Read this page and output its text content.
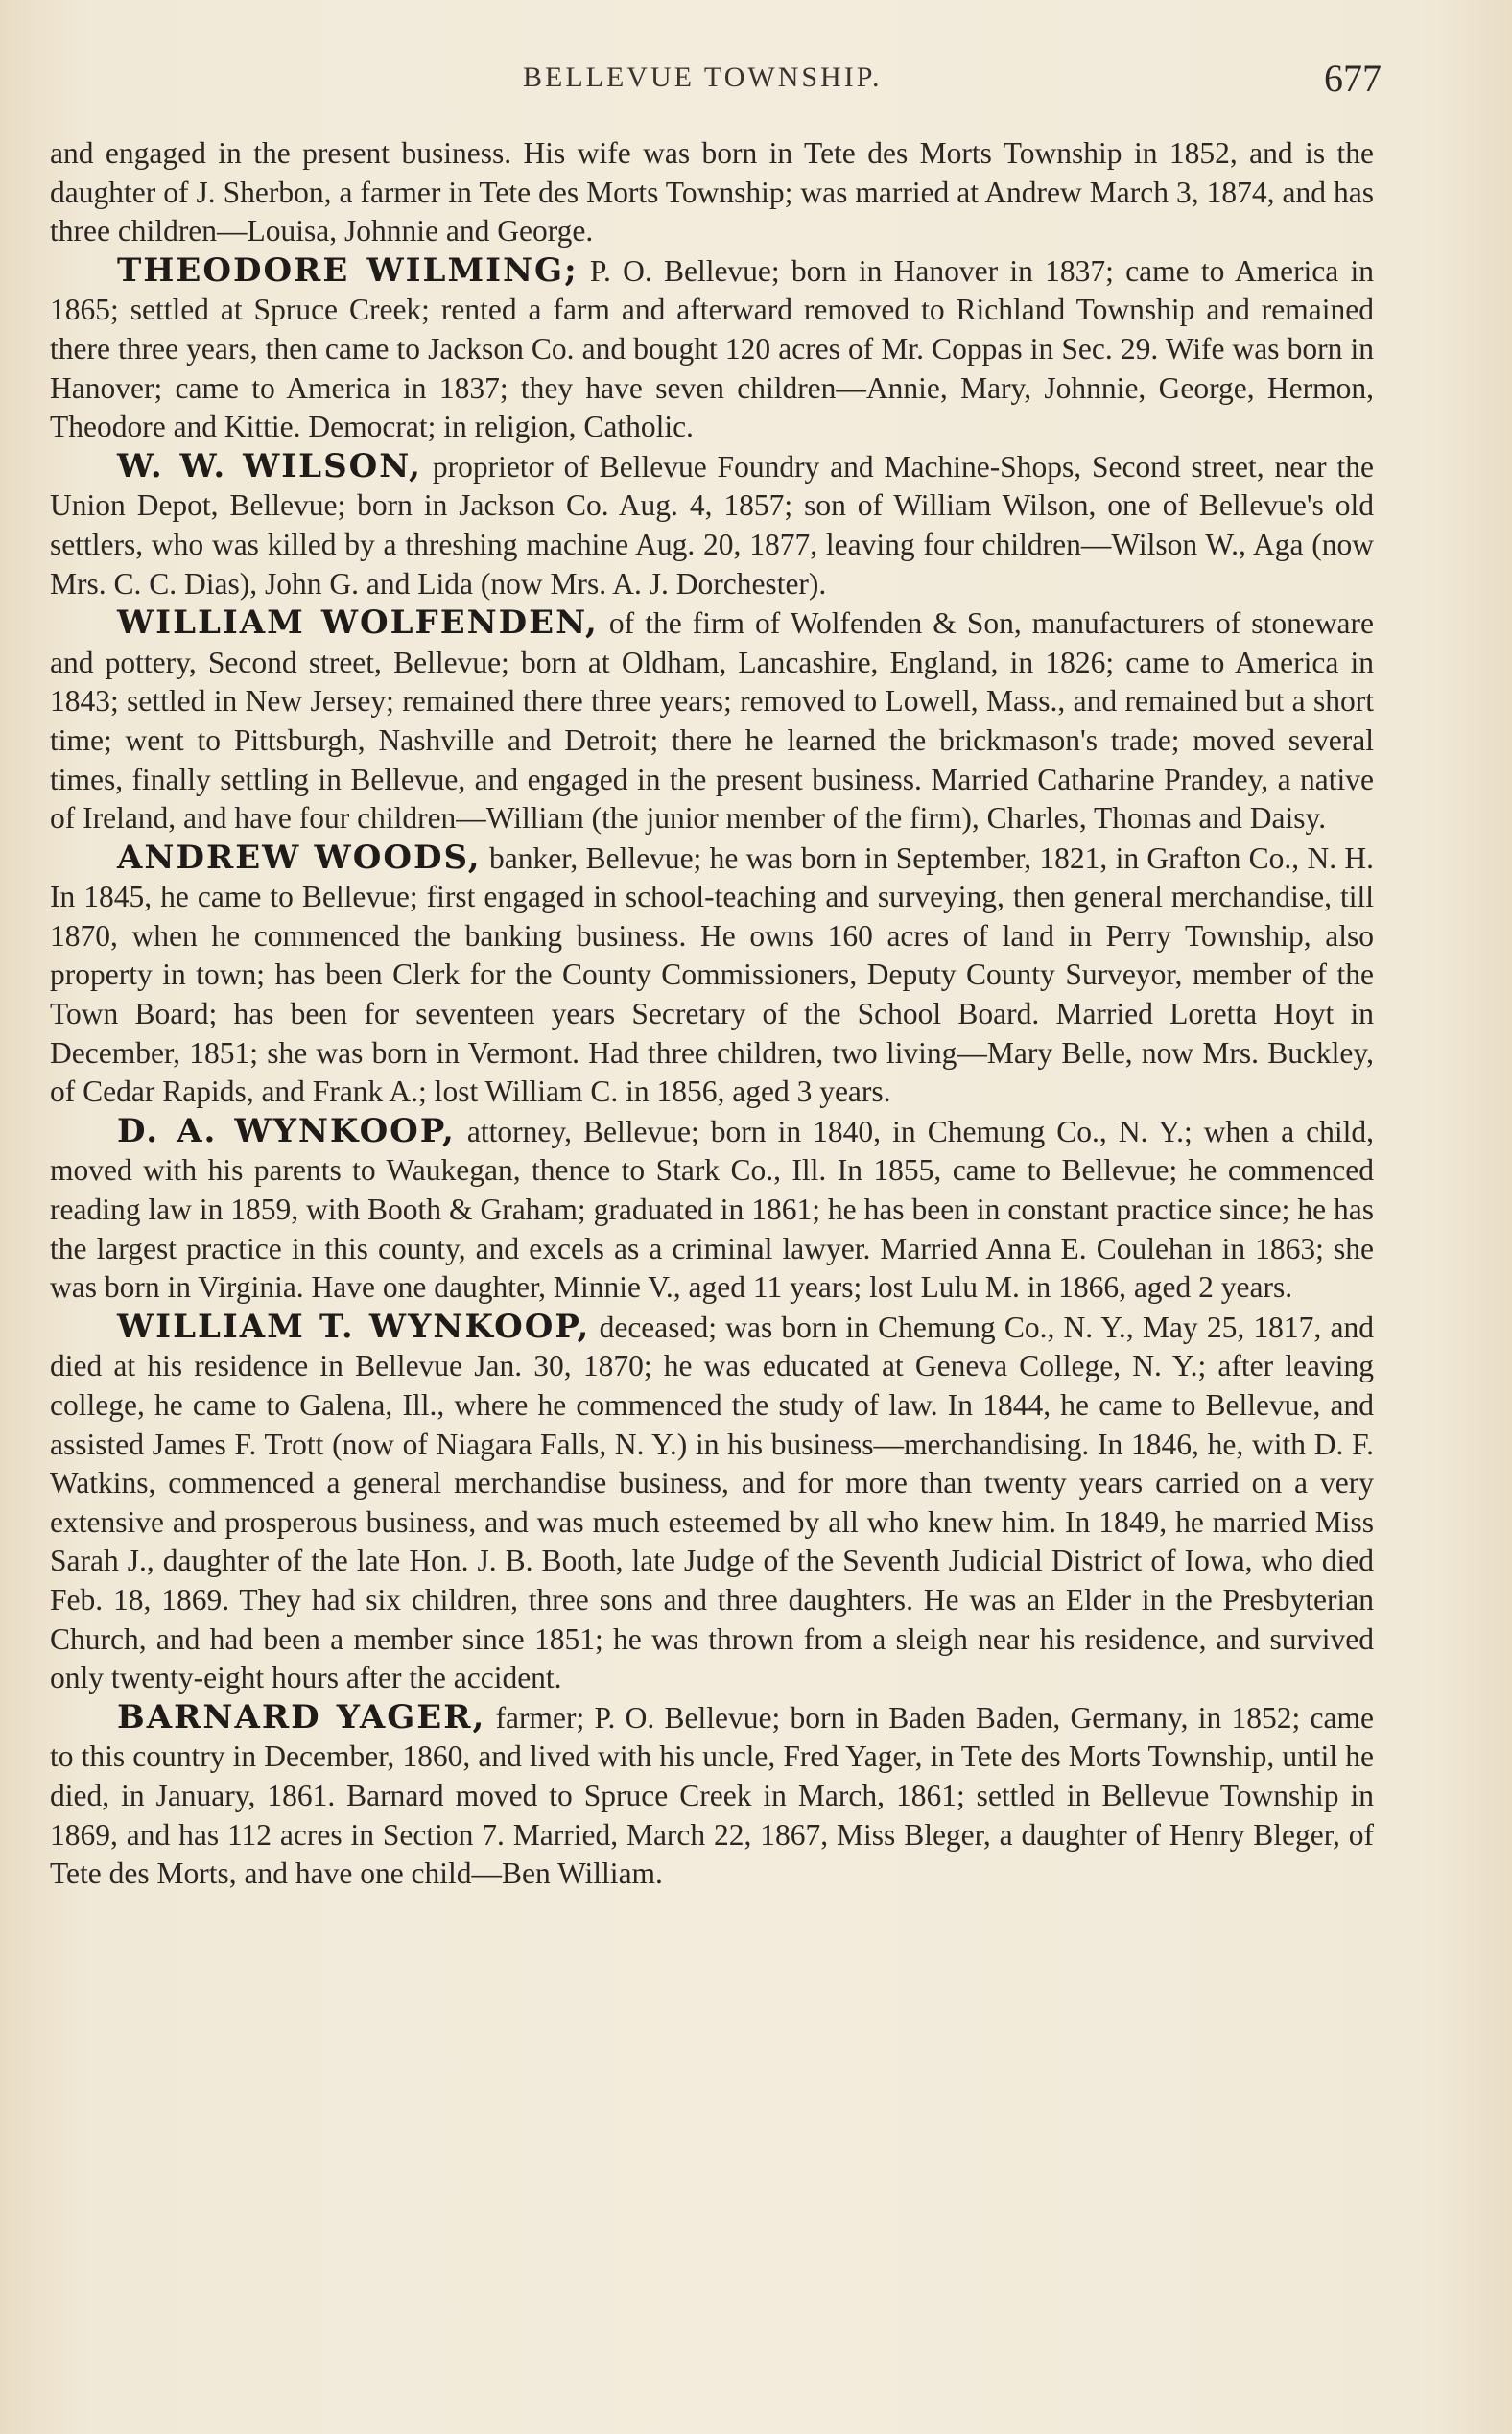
BELLEVUE TOWNSHIP.	677

and engaged in the present business. His wife was born in Tete des Morts Township in 1852, and is the daughter of J. Sherbon, a farmer in Tete des Morts Township; was married at Andrew March 3, 1874, and has three children—Louisa, Johnnie and George.

THEODORE WILMING; P. O. Bellevue; born in Hanover in 1837; came to America in 1865; settled at Spruce Creek; rented a farm and afterward removed to Richland Township and remained there three years, then came to Jackson Co. and bought 120 acres of Mr. Coppas in Sec. 29. Wife was born in Hanover; came to America in 1837; they have seven children—Annie, Mary, Johnnie, George, Hermon, Theodore and Kittie. Democrat; in religion, Catholic.

W. W. WILSON, proprietor of Bellevue Foundry and Machine-Shops, Second street, near the Union Depot, Bellevue; born in Jackson Co. Aug. 4, 1857; son of William Wilson, one of Bellevue's old settlers, who was killed by a threshing machine Aug. 20, 1877, leaving four children—Wilson W., Aga (now Mrs. C. C. Dias), John G. and Lida (now Mrs. A. J. Dorchester).

WILLIAM WOLFENDEN, of the firm of Wolfenden & Son, manufacturers of stoneware and pottery, Second street, Bellevue; born at Oldham, Lancashire, England, in 1826; came to America in 1843; settled in New Jersey; remained there three years; removed to Lowell, Mass., and remained but a short time; went to Pittsburgh, Nashville and Detroit; there he learned the brickmason's trade; moved several times, finally settling in Bellevue, and engaged in the present business. Married Catharine Prandey, a native of Ireland, and have four children—William (the junior member of the firm), Charles, Thomas and Daisy.

ANDREW WOODS, banker, Bellevue; he was born in September, 1821, in Grafton Co., N. H. In 1845, he came to Bellevue; first engaged in school-teaching and surveying, then general merchandise, till 1870, when he commenced the banking business. He owns 160 acres of land in Perry Township, also property in town; has been Clerk for the County Commissioners, Deputy County Surveyor, member of the Town Board; has been for seventeen years Secretary of the School Board. Married Loretta Hoyt in December, 1851; she was born in Vermont. Had three children, two living—Mary Belle, now Mrs. Buckley, of Cedar Rapids, and Frank A.; lost William C. in 1856, aged 3 years.

D. A. WYNKOOP, attorney, Bellevue; born in 1840, in Chemung Co., N. Y.; when a child, moved with his parents to Waukegan, thence to Stark Co., Ill. In 1855, came to Bellevue; he commenced reading law in 1859, with Booth & Graham; graduated in 1861; he has been in constant practice since; he has the largest practice in this county, and excels as a criminal lawyer. Married Anna E. Coulehan in 1863; she was born in Virginia. Have one daughter, Minnie V., aged 11 years; lost Lulu M. in 1866, aged 2 years.

WILLIAM T. WYNKOOP, deceased; was born in Chemung Co., N. Y., May 25, 1817, and died at his residence in Bellevue Jan. 30, 1870; he was educated at Geneva College, N. Y.; after leaving college, he came to Galena, Ill., where he commenced the study of law. In 1844, he came to Bellevue, and assisted James F. Trott (now of Niagara Falls, N. Y.) in his business—merchandising. In 1846, he, with D. F. Watkins, commenced a general merchandise business, and for more than twenty years carried on a very extensive and prosperous business, and was much esteemed by all who knew him. In 1849, he married Miss Sarah J., daughter of the late Hon. J. B. Booth, late Judge of the Seventh Judicial District of Iowa, who died Feb. 18, 1869. They had six children, three sons and three daughters. He was an Elder in the Presbyterian Church, and had been a member since 1851; he was thrown from a sleigh near his residence, and survived only twenty-eight hours after the accident.

BARNARD YAGER, farmer; P. O. Bellevue; born in Baden Baden, Germany, in 1852; came to this country in December, 1860, and lived with his uncle, Fred Yager, in Tete des Morts Township, until he died, in January, 1861. Barnard moved to Spruce Creek in March, 1861; settled in Bellevue Township in 1869, and has 112 acres in Section 7. Married, March 22, 1867, Miss Bleger, a daughter of Henry Bleger, of Tete des Morts, and have one child—Ben William.
